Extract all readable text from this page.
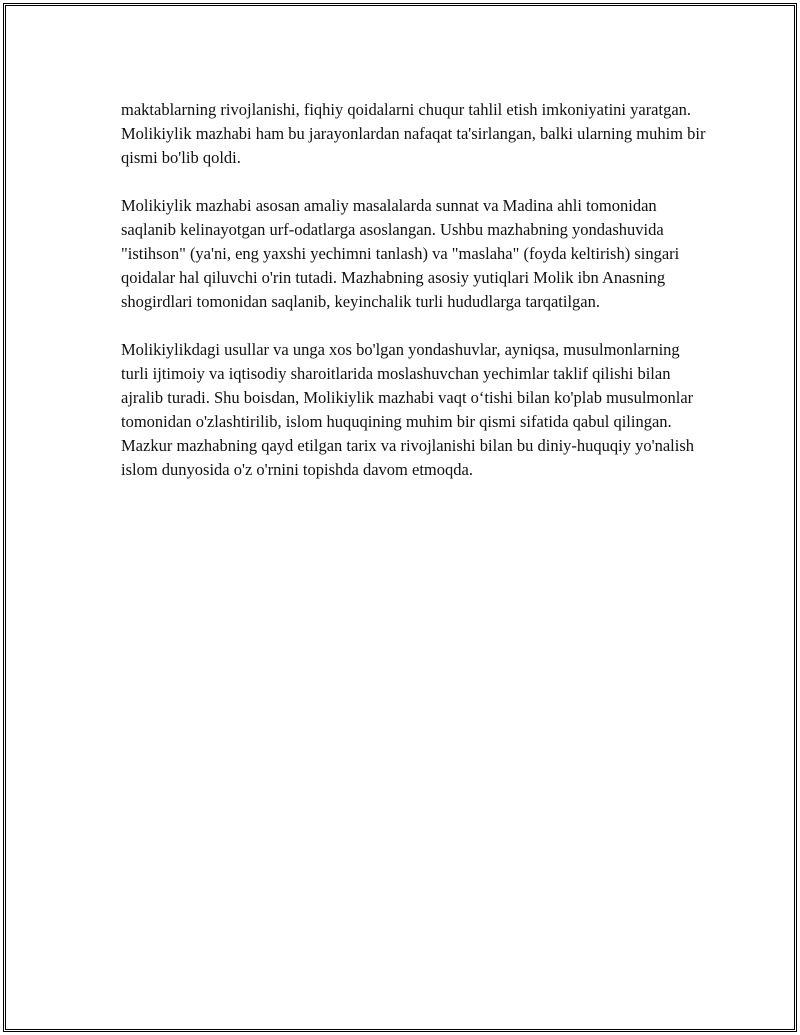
maktablarning rivojlanishi, fiqhiy qoidalarni chuqur tahlil etish imkoniyatini yaratgan. Molikiylik mazhabi ham bu jarayonlardan nafaqat ta'sirlangan, balki ularning muhim bir qismi bo'lib qoldi.

Molikiylik mazhabi asosan amaliy masalalarda sunnat va Madina ahli tomonidan saqlanib kelinayotgan urf-odatlarga asoslangan. Ushbu mazhabning yondashuvida "istihson" (ya'ni, eng yaxshi yechimni tanlash) va "maslaha" (foyda keltirish) singari qoidalar hal qiluvchi o'rin tutadi. Mazhabning asosiy yutiqlari Molik ibn Anasning shogirdlari tomonidan saqlanib, keyinchalik turli hududlarga tarqatilgan.

Molikiylikdagi usullar va unga xos bo'lgan yondashuvlar, ayniqsa, musulmonlarning turli ijtimoiy va iqtisodiy sharoitlarida moslashuvchan yechimlar taklif qilishi bilan ajralib turadi. Shu boisdan, Molikiylik mazhabi vaqt o‘tishi bilan ko'plab musulmonlar tomonidan o'zlashtirilib, islom huquqining muhim bir qismi sifatida qabul qilingan. Mazkur mazhabning qayd etilgan tarix va rivojlanishi bilan bu diniy-huquqiy yo'nalish islom dunyosida o'z o'rnini topishda davom etmoqda.
